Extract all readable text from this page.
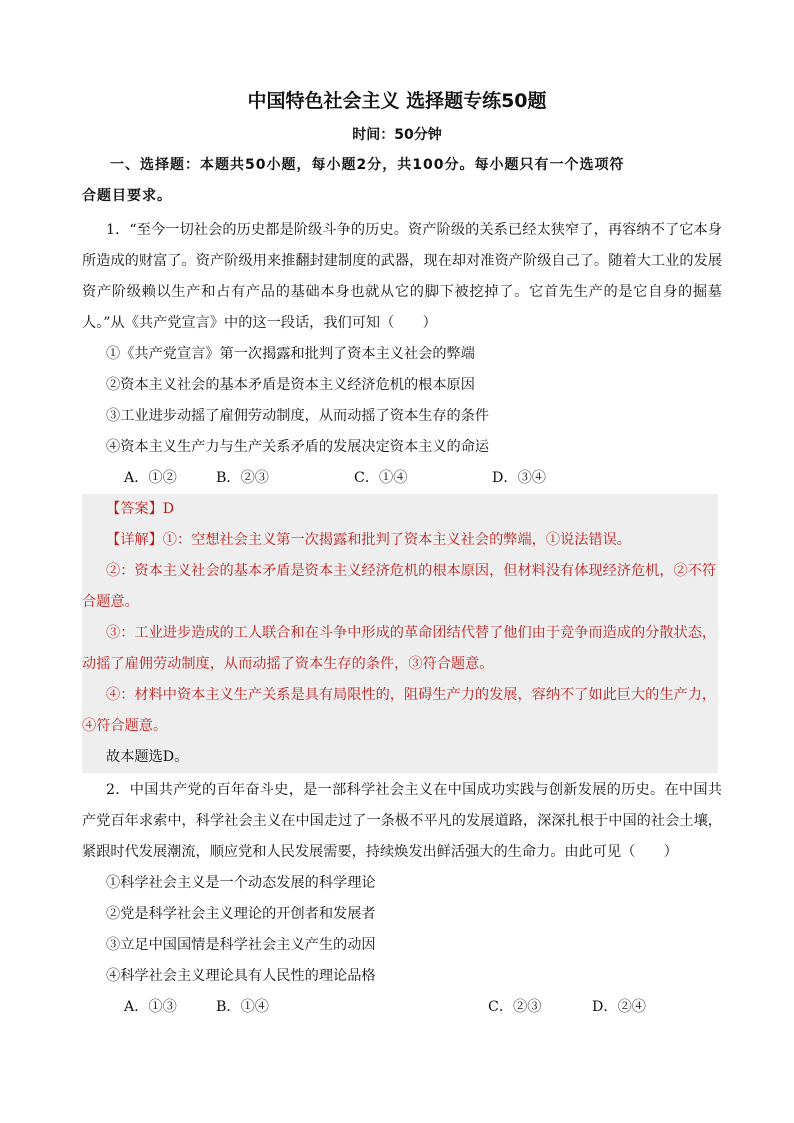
中国特色社会主义 选择题专练50题
时间：50分钟
一、选择题：本题共50小题，每小题2分，共100分。每小题只有一个选项符
合题目要求。

1．“至今一切社会的历史都是阶级斗争的历史。资产阶级的关系已经太狭窄了，再容纳不了它本身所造成的财富了。资产阶级用来推翻封建制度的武器，现在却对准资产阶级自己了。随着大工业的发展资产阶级赖以生产和占有产品的基础本身也就从它的脚下被挖掉了。它首先生产的是它自身的掘墓人。”从《共产党宣言》中的这一段话，我们可知（　　）

①《共产党宣言》第一次揭露和批判了资本主义社会的弊端

②资本主义社会的基本矛盾是资本主义经济危机的根本原因

③工业进步动摇了雇佣劳动制度，从而动摇了资本生存的条件

④资本主义生产力与生产关系矛盾的发展决定资本主义的命运

A．①②	B．②③	C．①④	D．③④

【答案】D

【详解】①：空想社会主义第一次揭露和批判了资本主义社会的弊端，①说法错误。

②：资本主义社会的基本矛盾是资本主义经济危机的根本原因，但材料没有体现经济危机，②不符合题意。

③：工业进步造成的工人联合和在斗争中形成的革命团结代替了他们由于竞争而造成的分散状态，动摇了雇佣劳动制度，从而动摇了资本生存的条件，③符合题意。

④：材料中资本主义生产关系是具有局限性的，阻碍生产力的发展，容纳不了如此巨大的生产力，④符合题意。

故本题选D。

2．中国共产党的百年奋斗史，是一部科学社会主义在中国成功实践与创新发展的历史。在中国共产党百年求索中，科学社会主义在中国走过了一条极不平凡的发展道路，深深扎根于中国的社会土壤，紧跟时代发展潮流，顺应党和人民发展需要，持续焕发出鲜活强大的生命力。由此可见（　　）

①科学社会主义是一个动态发展的科学理论

②党是科学社会主义理论的开创者和发展者

③立足中国国情是科学社会主义产生的动因

④科学社会主义理论具有人民性的理论品格

A．①③	B．①④	C．②③	D．②④
